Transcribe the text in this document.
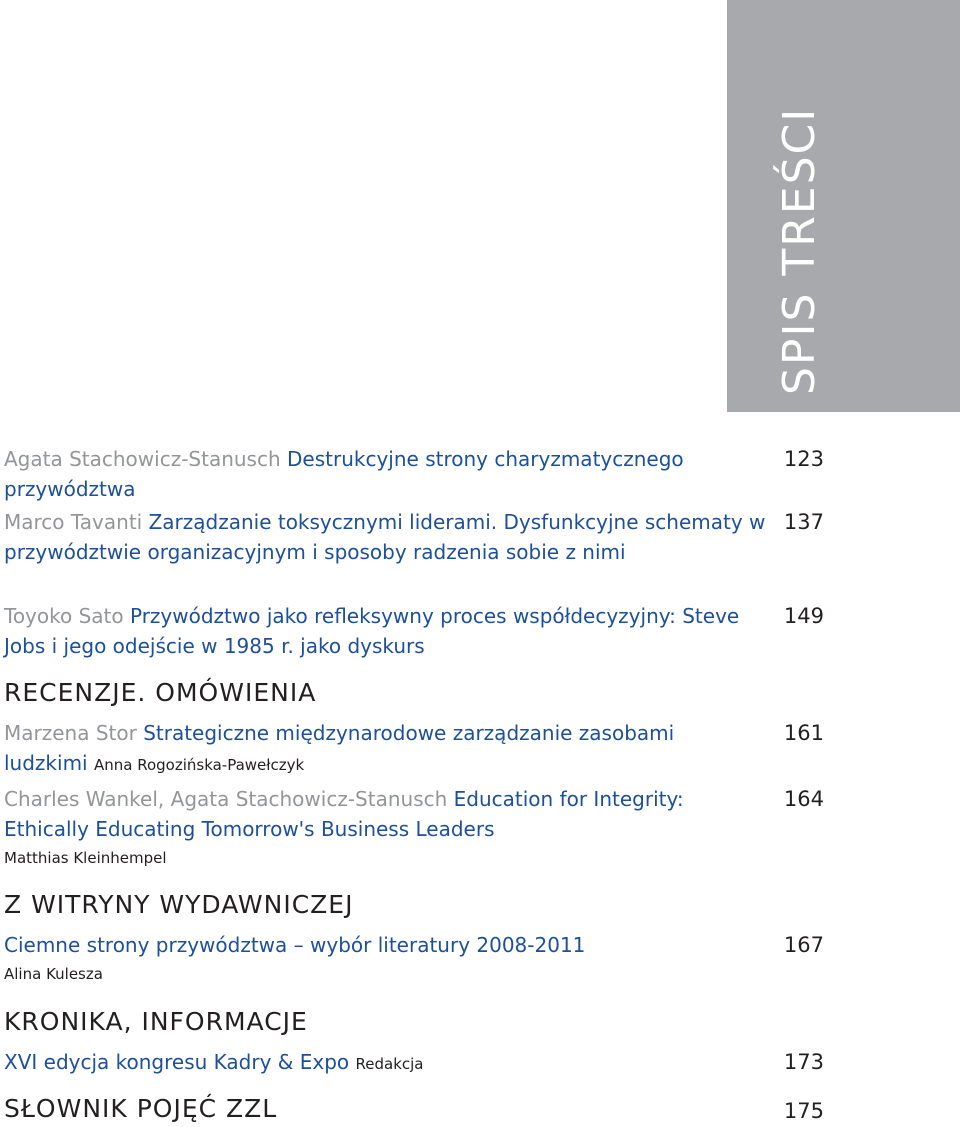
SPIS TREŚCI
Agata Stachowicz-Stanusch Destrukcyjne strony charyzmatycznego przywództwa
123
Marco Tavanti Zarządzanie toksycznymi liderami. Dysfunkcyjne schematy w przywództwie organizacyjnym i sposoby radzenia sobie z nimi
137
Toyoko Sato Przywództwo jako refleksywny proces współdecyzyjny: Steve Jobs i jego odejście w 1985 r. jako dyskurs
149
RECENZJE. OMÓWIENIA
Marzena Stor Strategiczne międzynarodowe zarządzanie zasobami ludzkimi Anna Rogozińska-Pawełczyk
161
Charles Wankel, Agata Stachowicz-Stanusch Education for Integrity: Ethically Educating Tomorrow's Business Leaders
Matthias Kleinhempel
164
Z WITRYNY WYDAWNICZEJ
Ciemne strony przywództwa – wybór literatury 2008-2011
Alina Kulesza
167
KRONIKA, INFORMACJE
XVI edycja kongresu Kadry & Expo Redakcja	173
SŁOWNIK POJĘĆ ZZL	175
